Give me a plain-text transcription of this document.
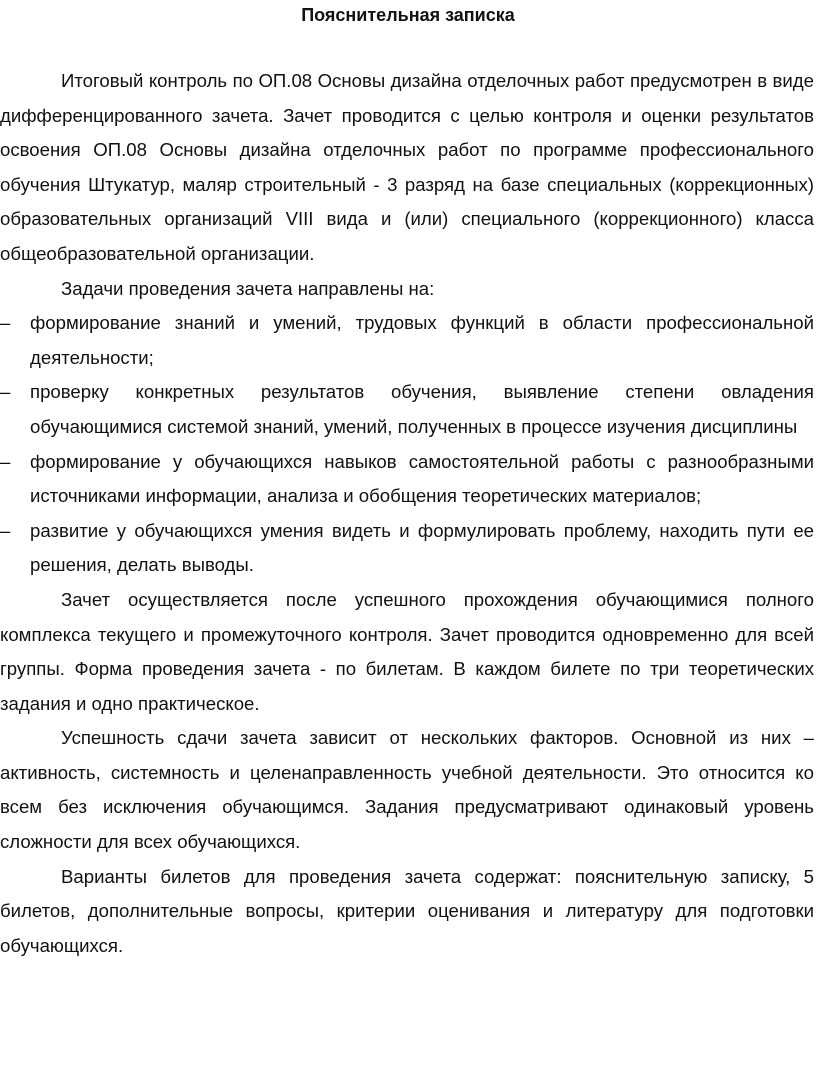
Пояснительная записка

Итоговый контроль по ОП.08 Основы дизайна отделочных работ предусмотрен в виде дифференцированного зачета. Зачет проводится с целью контроля и оценки результатов освоения ОП.08 Основы дизайна отделочных работ по программе профессионального обучения Штукатур, маляр строительный - 3 разряд на базе специальных (коррекционных) образовательных организаций VIII вида и (или) специального (коррекционного) класса общеобразовательной организации.

Задачи проведения зачета направлены на:

– формирование знаний и умений, трудовых функций в области профессиональной деятельности;
– проверку конкретных результатов обучения, выявление степени овладения обучающимися системой знаний, умений, полученных в процессе изучения дисциплины
– формирование у обучающихся навыков самостоятельной работы с разнообразными источниками информации, анализа и обобщения теоретических материалов;
– развитие у обучающихся умения видеть и формулировать проблему, находить пути ее решения, делать выводы.

Зачет осуществляется после успешного прохождения обучающимися полного комплекса текущего и промежуточного контроля. Зачет проводится одновременно для всей группы. Форма проведения зачета - по билетам. В каждом билете по три теоретических задания и одно практическое.

Успешность сдачи зачета зависит от нескольких факторов. Основной из них – активность, системность и целенаправленность учебной деятельности. Это относится ко всем без исключения обучающимся. Задания предусматривают одинаковый уровень сложности для всех обучающихся.

Варианты билетов для проведения зачета содержат: пояснительную записку, 5 билетов, дополнительные вопросы, критерии оценивания и литературу для подготовки обучающихся.
